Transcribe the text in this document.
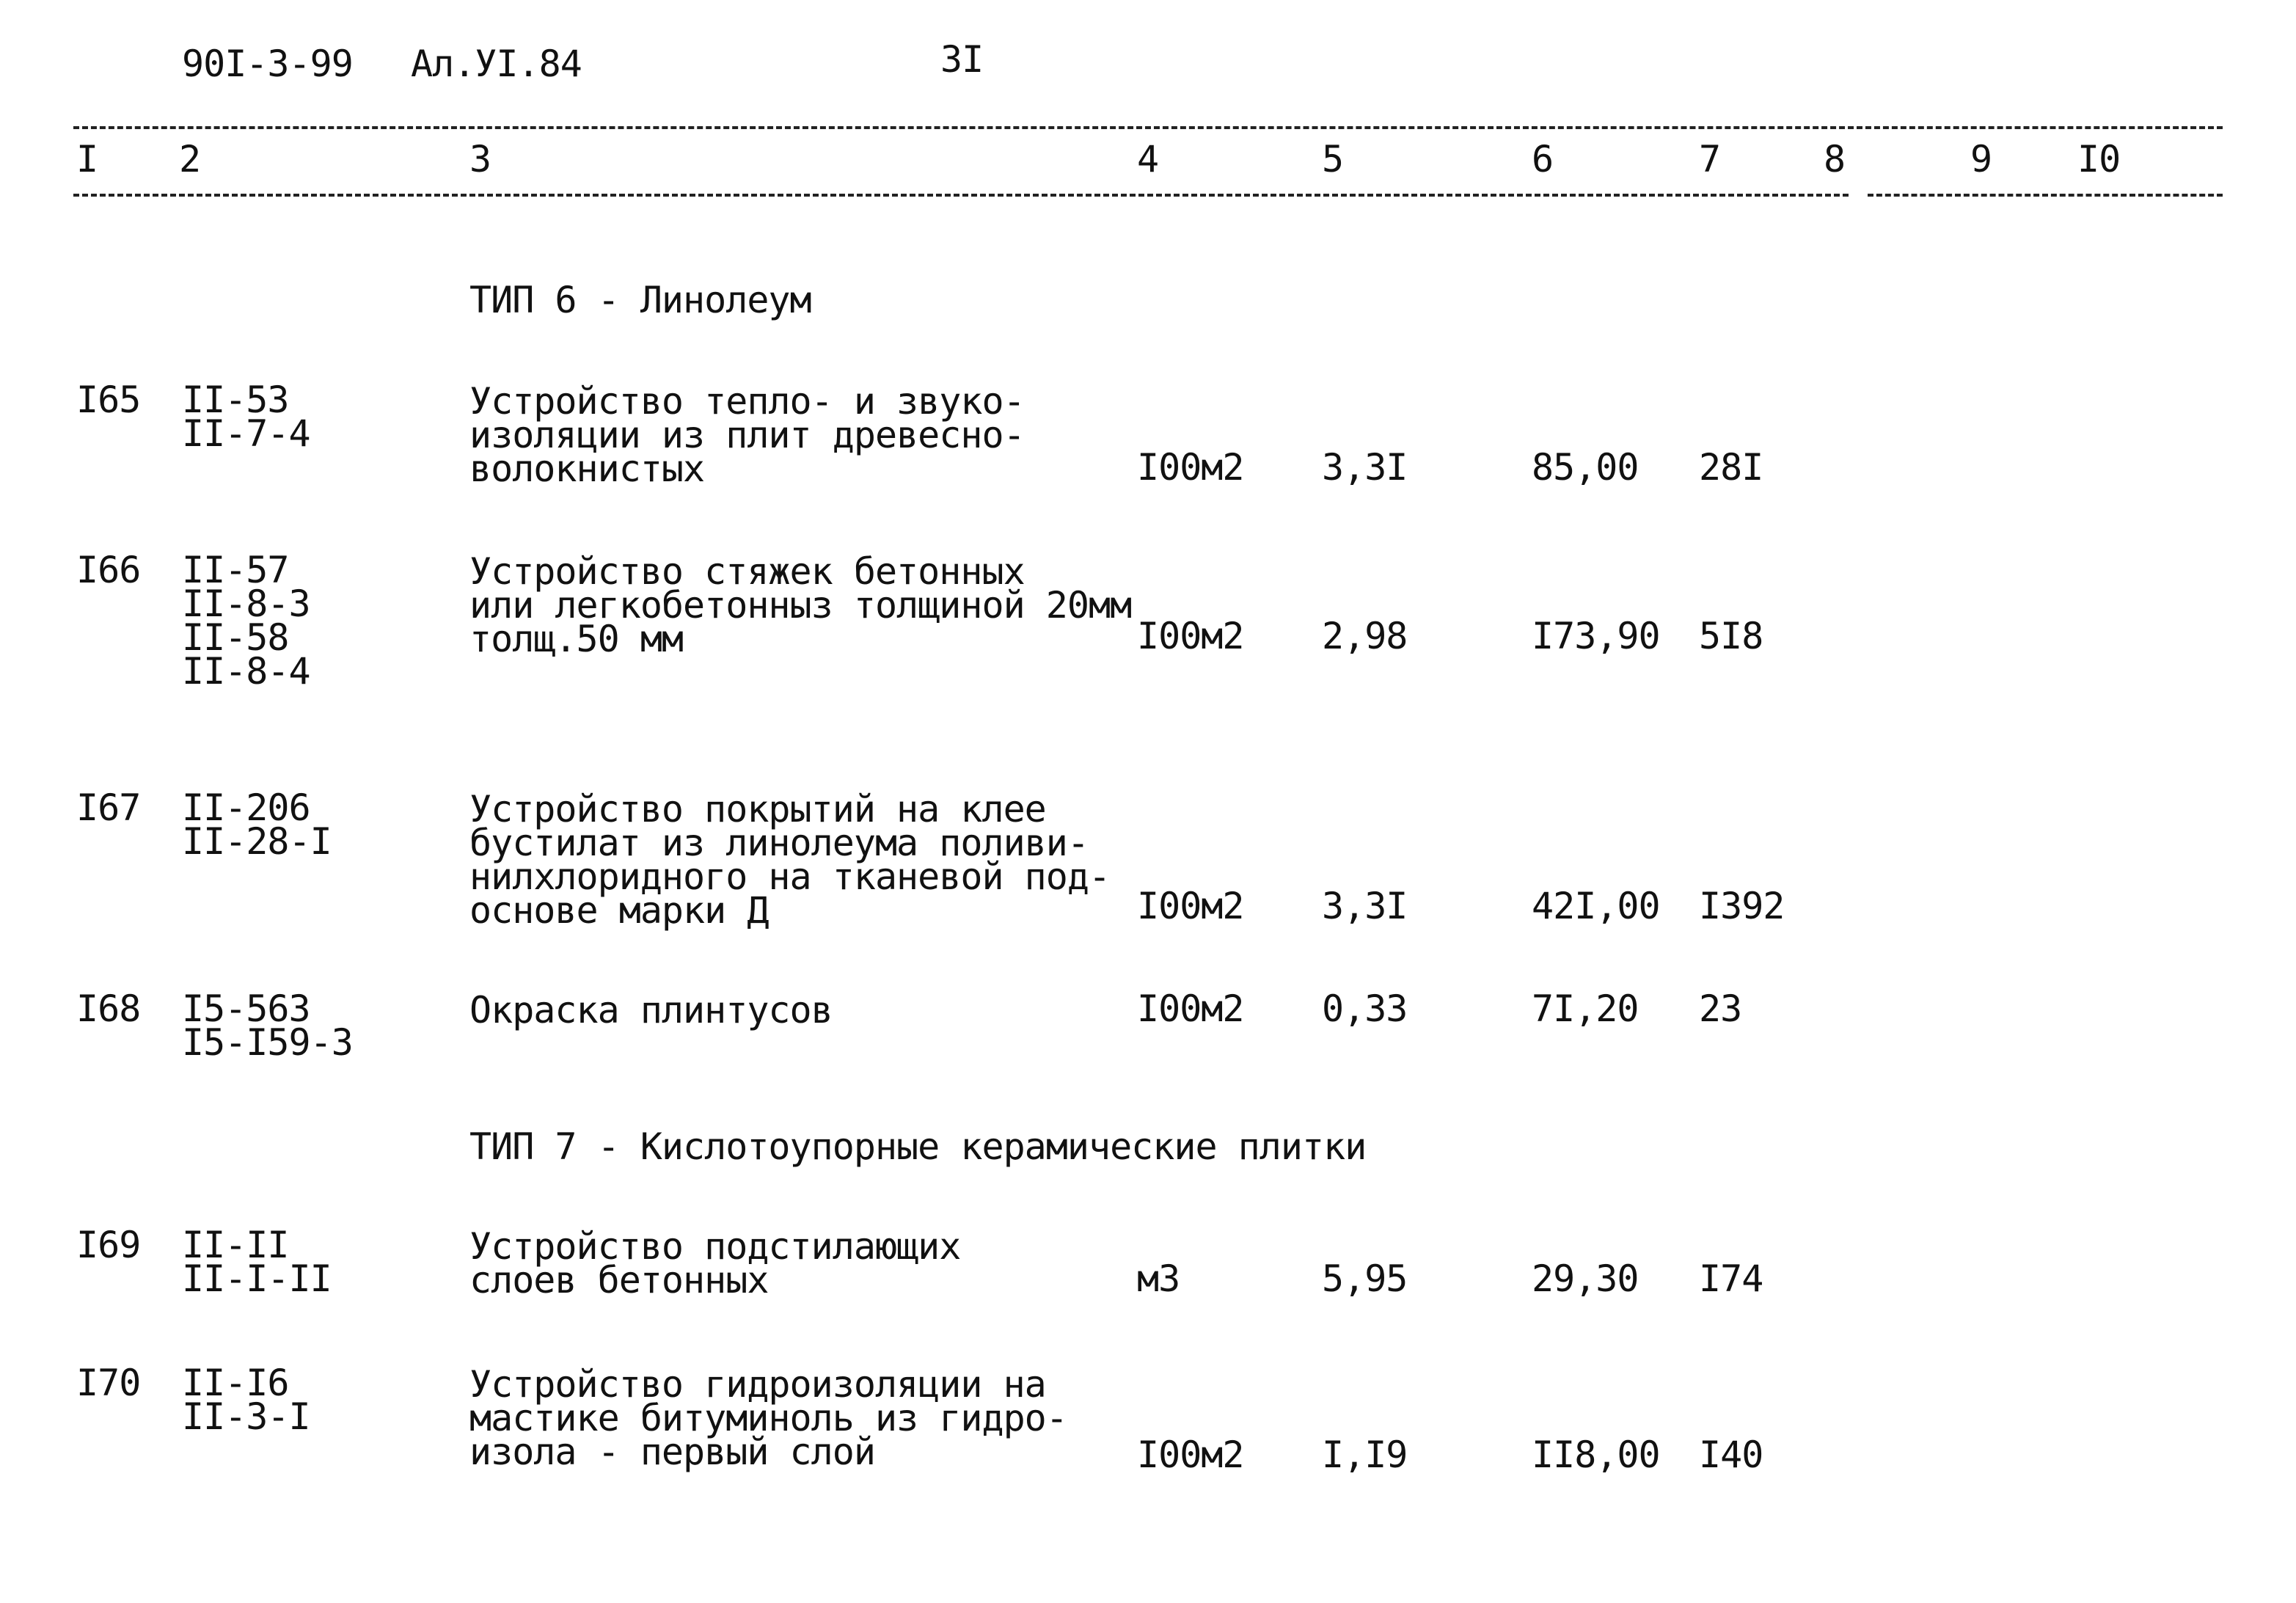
90I-3-99 Ал.УI.84	3I
I 2	3	4	5	6	7	8	9 I0
ТИП 6 - Линолеум
I65 II-53
II-7-4
Устройство тепло- и звуко-
изоляции из плит древесно-
волокнистых	I00м2 3,3I	85,00 28I
I66 II-57
II-8-3
II-58
II-8-4
Устройство стяжек бетонных
или легкобетонныз толщиной 20мм
толщ.50 мм	I00м2 2,98	I73,90 5I8
I67 II-206
II-28-I
Устройство покрытий на клее
бустилат из линолеума поливи-
нилхлоридного на тканевой под-
основе марки Д	I00м2 3,3I	42I,00 I392
I68 I5-563
I5-I59-3
Окраска плинтусов	I00м2 0,33	7I,20 23
ТИП 7 - Кислотоупорные керамические плитки
I69 II-II
II-I-II
Устройство подстилающих
слоев бетонных	м3	5,95	29,30 I74
I70 II-I6
II-3-I
Устройство гидроизоляции на
мастике битуминоль из гидро-
изола - первый слой	I00м2 I,I9	II8,00 I40
